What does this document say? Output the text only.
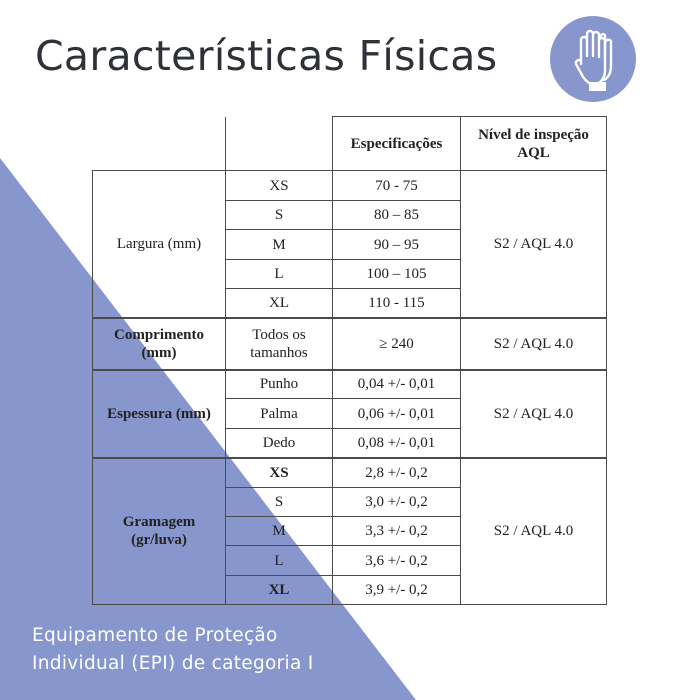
Características Físicas
		Especificações	Nível de inspeção AQL
Largura (mm)	XS	70 - 75	S2 / AQL 4.0
	S	80 – 85	
	M	90 – 95	
	L	100 – 105	
	XL	110 - 115	
Comprimento (mm)	Todos os tamanhos	≥ 240	S2 / AQL 4.0
Espessura (mm)	Punho	0,04 +/- 0,01	S2 / AQL 4.0
	Palma	0,06 +/- 0,01	
	Dedo	0,08 +/- 0,01	
Gramagem (gr/luva)	XS	2,8 +/- 0,2	S2 / AQL 4.0
	S	3,0 +/- 0,2	
	M	3,3 +/- 0,2	
	L	3,6 +/- 0,2	
	XL	3,9 +/- 0,2	
Equipamento de Proteção
Individual (EPI) de categoria I
